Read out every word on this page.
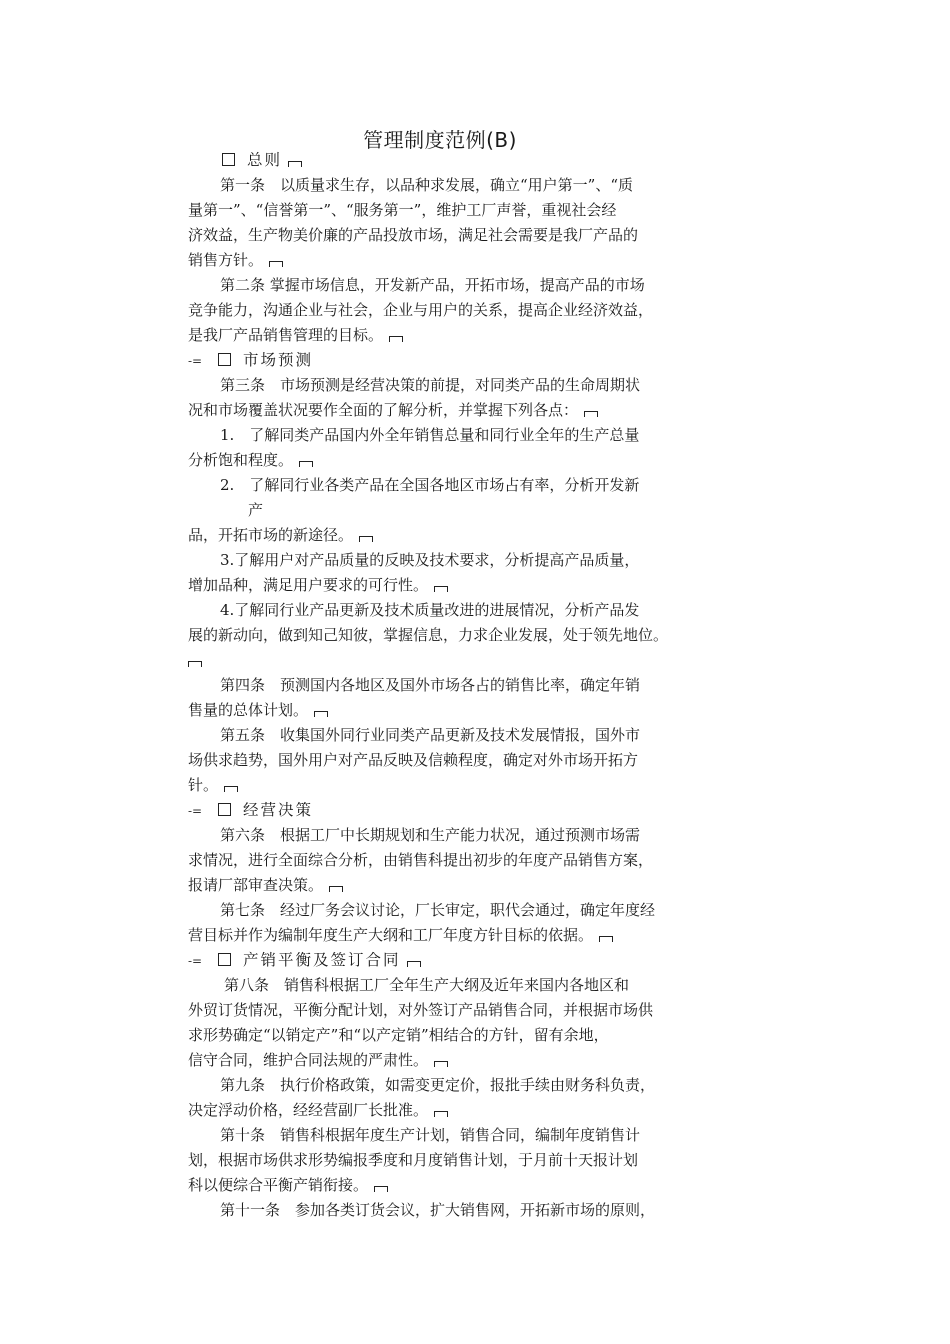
管理制度范例(B)
总则
第一条　以质量求生存，以品种求发展，确立“用户第一”、“质
量第一”、“信誉第一”、“服务第一”，维护工厂声誉，重视社会经
济效益，生产物美价廉的产品投放市场，满足社会需要是我厂产品的
销售方针。
第二条 掌握市场信息，开发新产品，开拓市场，提高产品的市场
竞争能力，沟通企业与社会，企业与用户的关系，提高企业经济效益，
是我厂产品销售管理的目标。
-=	市场预测
第三条　市场预测是经营决策的前提，对同类产品的生命周期状
况和市场覆盖状况要作全面的了解分析，并掌握下列各点：
1.　了解同类产品国内外全年销售总量和同行业全年的生产总量
分析饱和程度。
2.　了解同行业各类产品在全国各地区市场占有率，分析开发新
产
品，开拓市场的新途径。
3.了解用户对产品质量的反映及技术要求，分析提高产品质量，
增加品种，满足用户要求的可行性。
4.了解同行业产品更新及技术质量改进的进展情况，分析产品发
展的新动向，做到知己知彼，掌握信息，力求企业发展，处于领先地位。
第四条　预测国内各地区及国外市场各占的销售比率，确定年销
售量的总体计划。
第五条　收集国外同行业同类产品更新及技术发展情报，国外市
场供求趋势，国外用户对产品反映及信赖程度，确定对外市场开拓方
针。
-=	经营决策
第六条　根据工厂中长期规划和生产能力状况，通过预测市场需
求情况，进行全面综合分析，由销售科提出初步的年度产品销售方案，
报请厂部审查决策。
第七条　经过厂务会议讨论，厂长审定，职代会通过，确定年度经
营目标并作为编制年度生产大纲和工厂年度方针目标的依据。
-=	产销平衡及签订合同
第八条　销售科根据工厂全年生产大纲及近年来国内各地区和
外贸订货情况，平衡分配计划，对外签订产品销售合同，并根据市场供
求形势确定“以销定产”和“以产定销”相结合的方针，留有余地，
信守合同，维护合同法规的严肃性。
第九条　执行价格政策，如需变更定价，报批手续由财务科负责，
决定浮动价格，经经营副厂长批准。
第十条　销售科根据年度生产计划，销售合同，编制年度销售计
划，根据市场供求形势编报季度和月度销售计划，于月前十天报计划
科以便综合平衡产销衔接。
第十一条　参加各类订货会议，扩大销售网，开拓新市场的原则，
